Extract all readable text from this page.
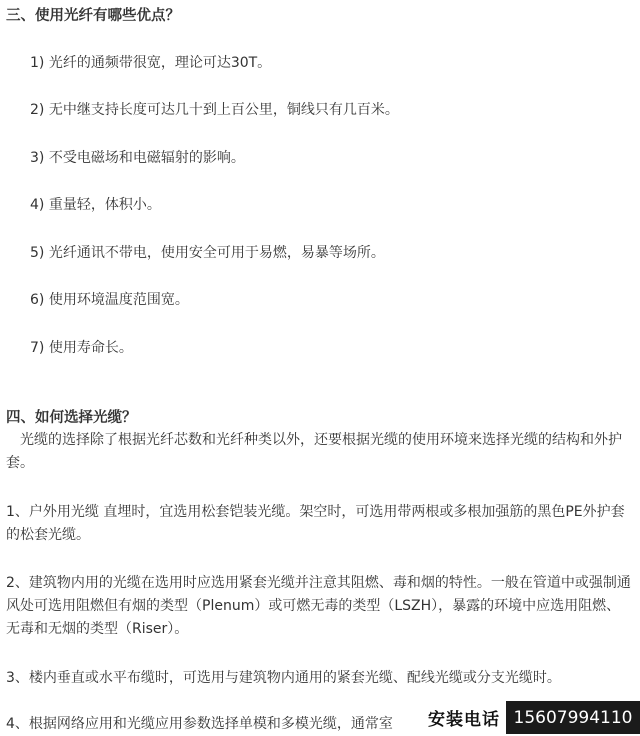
三、使用光纤有哪些优点？
1) 光纤的通频带很宽，理论可达30T。
2) 无中继支持长度可达几十到上百公里，铜线只有几百米。
3) 不受电磁场和电磁辐射的影响。
4) 重量轻，体积小。
5) 光纤通讯不带电，使用安全可用于易燃，易暴等场所。
6) 使用环境温度范围宽。
7) 使用寿命长。
四、如何选择光缆？
　光缆的选择除了根据光纤芯数和光纤种类以外，还要根据光缆的使用环境来选择光缆的结构和外护套。
1、户外用光缆 直埋时，宜选用松套铠装光缆。架空时，可选用带两根或多根加强筋的黑色PE外护套的松套光缆。
2、建筑物内用的光缆在选用时应选用紧套光缆并注意其阻燃、毒和烟的特性。一般在管道中或强制通风处可选用阻燃但有烟的类型（Plenum）或可燃无毒的类型（LSZH），暴露的环境中应选用阻燃、无毒和无烟的类型（Riser）。
3、楼内垂直或水平布缆时，可选用与建筑物内通用的紧套光缆、配线光缆或分支光缆时。
4、根据网络应用和光缆应用参数选择单模和多模光缆，通常室	安装电话 15607994110
